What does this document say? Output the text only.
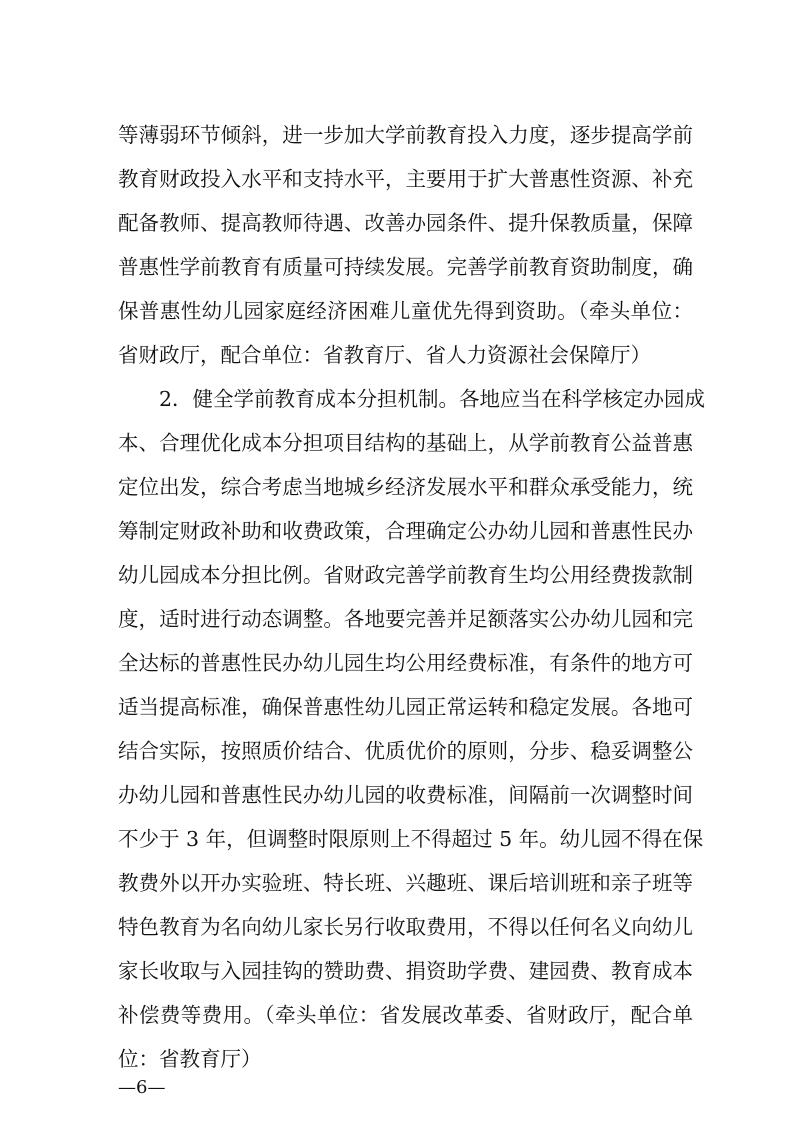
等薄弱环节倾斜，进一步加大学前教育投入力度，逐步提高学前
教育财政投入水平和支持水平，主要用于扩大普惠性资源、补充
配备教师、提高教师待遇、改善办园条件、提升保教质量，保障
普惠性学前教育有质量可持续发展。完善学前教育资助制度，确
保普惠性幼儿园家庭经济困难儿童优先得到资助。（牵头单位：
省财政厅，配合单位：省教育厅、省人力资源社会保障厅）
　　2．健全学前教育成本分担机制。各地应当在科学核定办园成
本、合理优化成本分担项目结构的基础上，从学前教育公益普惠
定位出发，综合考虑当地城乡经济发展水平和群众承受能力，统
筹制定财政补助和收费政策，合理确定公办幼儿园和普惠性民办
幼儿园成本分担比例。省财政完善学前教育生均公用经费拨款制
度，适时进行动态调整。各地要完善并足额落实公办幼儿园和完
全达标的普惠性民办幼儿园生均公用经费标准，有条件的地方可
适当提高标准，确保普惠性幼儿园正常运转和稳定发展。各地可
结合实际，按照质价结合、优质优价的原则，分步、稳妥调整公
办幼儿园和普惠性民办幼儿园的收费标准，间隔前一次调整时间
不少于 3 年，但调整时限原则上不得超过 5 年。幼儿园不得在保
教费外以开办实验班、特长班、兴趣班、课后培训班和亲子班等
特色教育为名向幼儿家长另行收取费用，不得以任何名义向幼儿
家长收取与入园挂钩的赞助费、捐资助学费、建园费、教育成本
补偿费等费用。（牵头单位：省发展改革委、省财政厅，配合单
位：省教育厅）
—6—
